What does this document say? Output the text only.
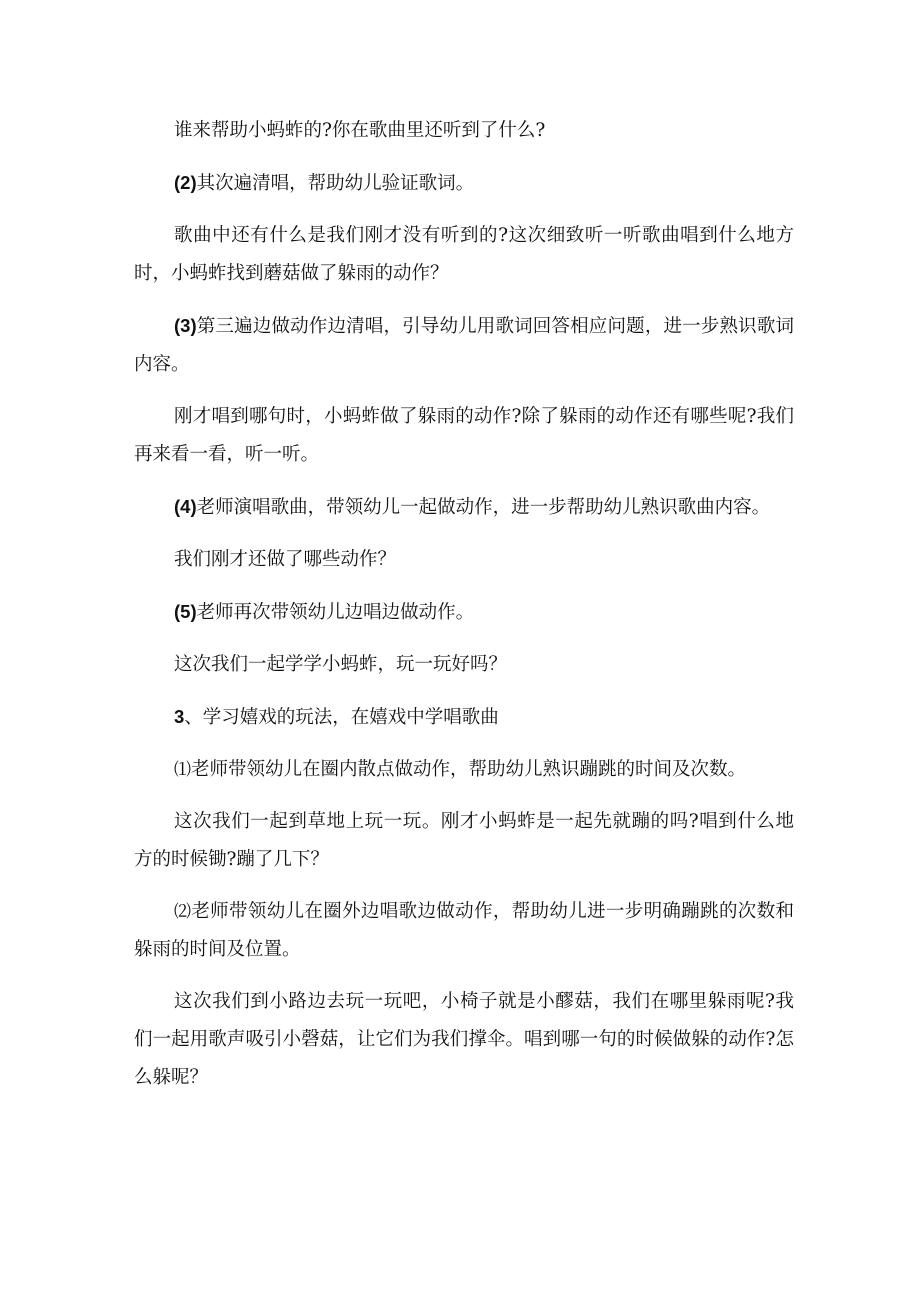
谁来帮助小蚂蚱的?你在歌曲里还听到了什么?

(2)其次遍清唱，帮助幼儿验证歌词。

歌曲中还有什么是我们刚才没有听到的?这次细致听一听歌曲唱到什么地方时，小蚂蚱找到蘑菇做了躲雨的动作？

(3)第三遍边做动作边清唱，引导幼儿用歌词回答相应问题，进一步熟识歌词内容。

刚才唱到哪句时，小蚂蚱做了躲雨的动作?除了躲雨的动作还有哪些呢?我们再来看一看，听一听。

(4)老师演唱歌曲，带领幼儿一起做动作，进一步帮助幼儿熟识歌曲内容。

我们刚才还做了哪些动作？

(5)老师再次带领幼儿边唱边做动作。

这次我们一起学学小蚂蚱，玩一玩好吗？

3、学习嬉戏的玩法，在嬉戏中学唱歌曲

⑴老师带领幼儿在圈内散点做动作，帮助幼儿熟识蹦跳的时间及次数。

这次我们一起到草地上玩一玩。刚才小蚂蚱是一起先就蹦的吗?唱到什么地方的时候锄?蹦了几下？

⑵老师带领幼儿在圈外边唱歌边做动作，帮助幼儿进一步明确蹦跳的次数和躲雨的时间及位置。

这次我们到小路边去玩一玩吧，小椅子就是小醪菇，我们在哪里躲雨呢?我们一起用歌声吸引小磬菇，让它们为我们撑伞。唱到哪一句的时候做躲的动作?怎么躲呢？
